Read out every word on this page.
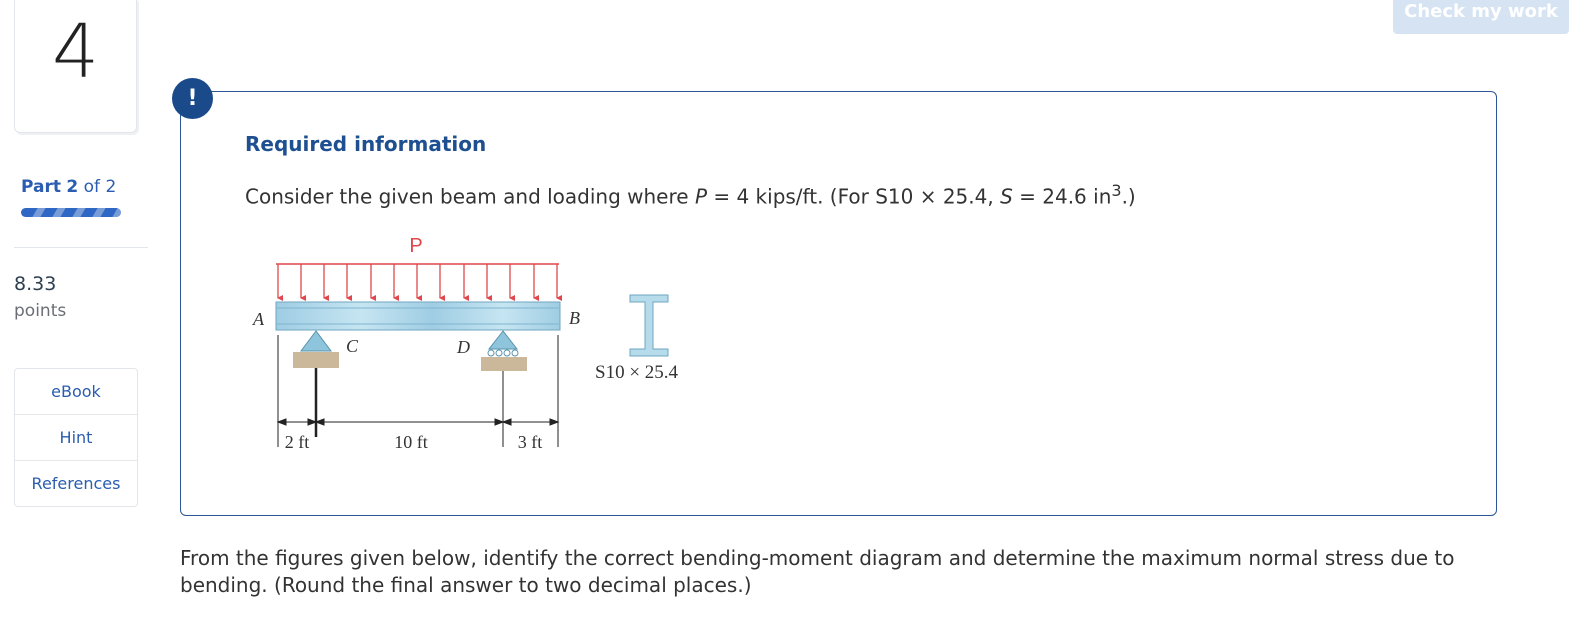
4
Part 2 of 2
8.33
points
eBook
Hint
References
Check my work
Required information
Consider the given beam and loading where P = 4 kips/ft. (For S10 × 25.4, S = 24.6 $in^3$.)
P
A	B
C	D
2 ft	10 ft	3 ft
S10 × 25.4
!
From the figures given below, identify the correct bending-moment diagram and determine the maximum normal stress due to bending. (Round the final answer to two decimal places.)
